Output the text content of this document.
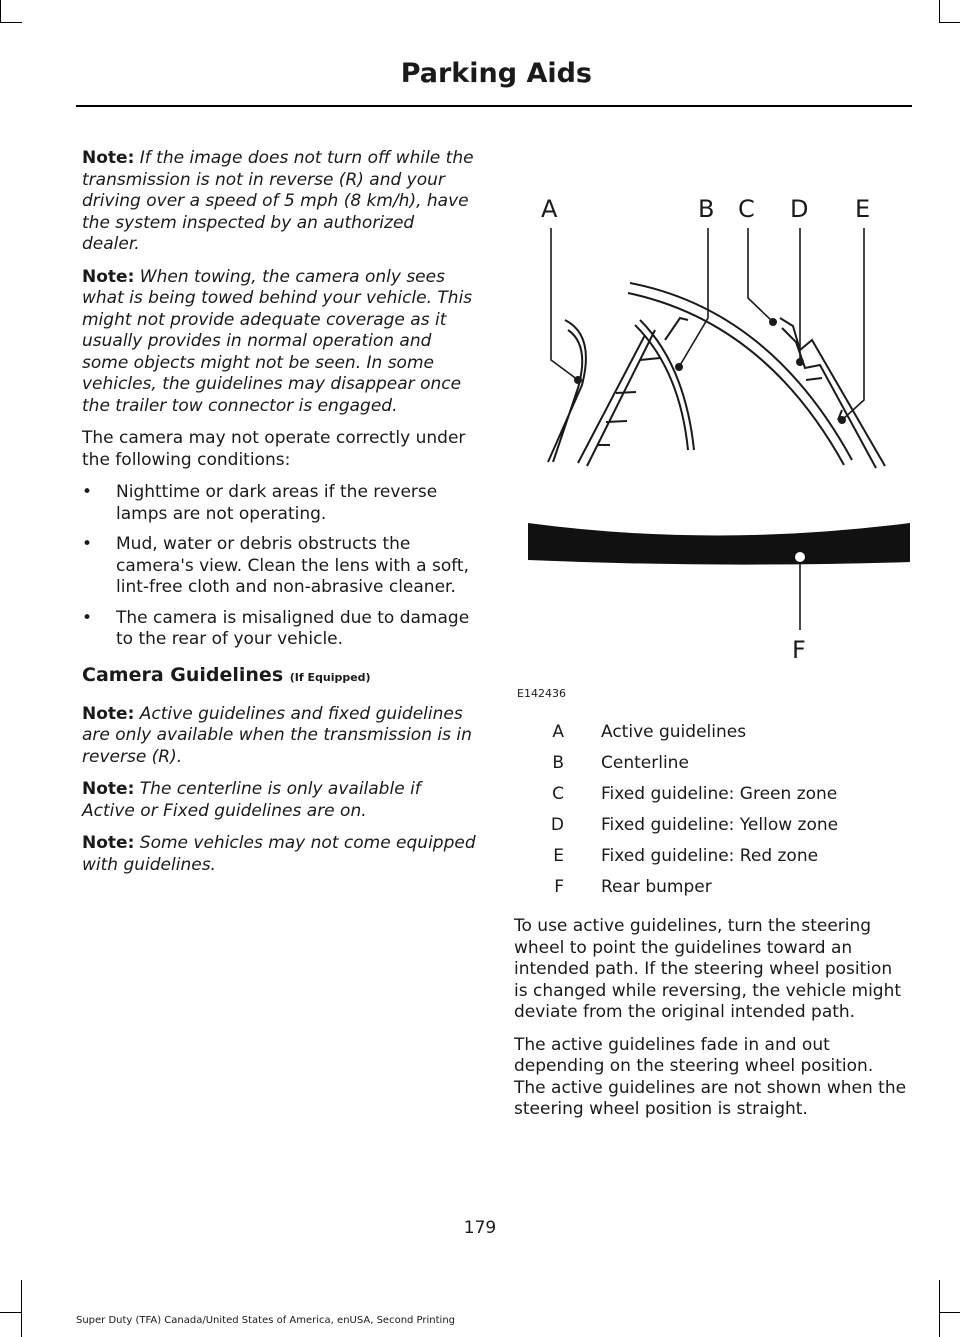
Parking Aids

Note: If the image does not turn off while the transmission is not in reverse (R) and your driving over a speed of 5 mph (8 km/h), have the system inspected by an authorized dealer.

Note: When towing, the camera only sees what is being towed behind your vehicle. This might not provide adequate coverage as it usually provides in normal operation and some objects might not be seen. In some vehicles, the guidelines may disappear once the trailer tow connector is engaged.

The camera may not operate correctly under the following conditions:

• Nighttime or dark areas if the reverse lamps are not operating.
• Mud, water or debris obstructs the camera's view. Clean the lens with a soft, lint-free cloth and non-abrasive cleaner.
• The camera is misaligned due to damage to the rear of your vehicle.
Camera Guidelines (If Equipped)

Note: Active guidelines and fixed guidelines are only available when the transmission is in reverse (R).

Note: The centerline is only available if Active or Fixed guidelines are on.

Note: Some vehicles may not come equipped with guidelines.

A	B C D E
F
E142436
A Active guidelines
B Centerline
C Fixed guideline: Green zone
D Fixed guideline: Yellow zone
E Fixed guideline: Red zone
F Rear bumper

To use active guidelines, turn the steering wheel to point the guidelines toward an intended path. If the steering wheel position is changed while reversing, the vehicle might deviate from the original intended path.

The active guidelines fade in and out depending on the steering wheel position. The active guidelines are not shown when the steering wheel position is straight.

179
Super Duty (TFA) Canada/United States of America, enUSA, Second Printing
